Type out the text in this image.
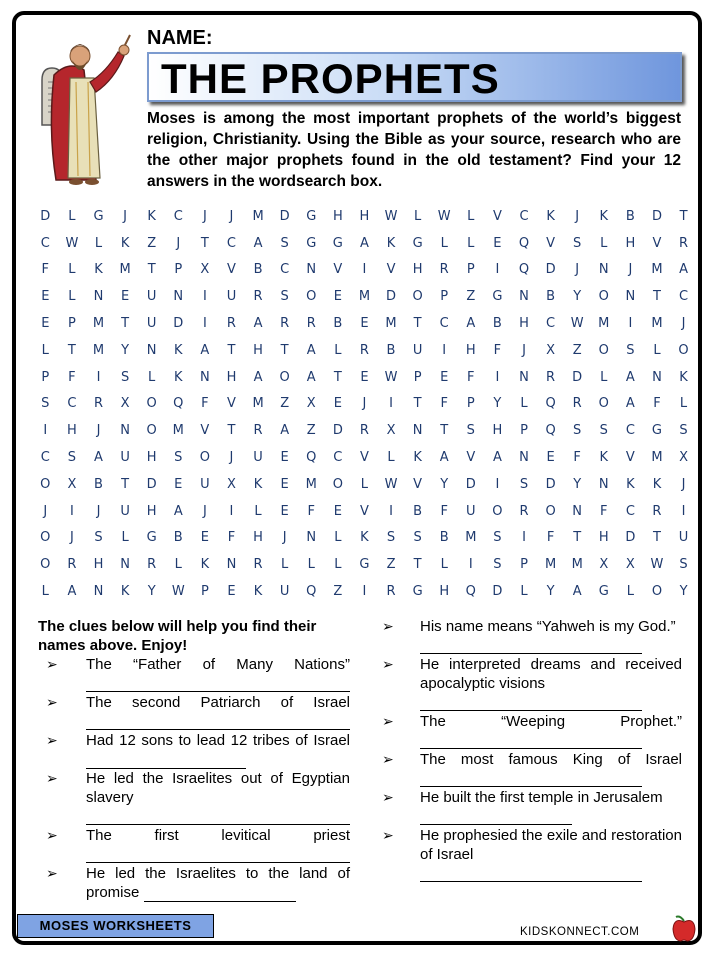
NAME:
THE PROPHETS
Moses is among the most important prophets of the world’s biggest religion, Christianity. Using the Bible as your source, research who are the other major prophets found in the old testament? Find your 12 answers in the wordsearch box.
D	L	G	J	K	C	J	J	M	D	G	H	H	W	L	W	L	V	C	K	J	K	B	D	T
C	W	L	K	Z	J	T	C	A	S	G	G	A	K	G	L	L	E	Q	V	S	L	H	V	R
F	L	K	M	T	P	X	V	B	C	N	V	I	V	H	R	P	I	Q	D	J	N	J	M	A
E	L	N	E	U	N	I	U	R	S	O	E	M	D	O	P	Z	G	N	B	Y	O	N	T	C
E	P	M	T	U	D	I	R	A	R	R	B	E	M	T	C	A	B	H	C	W	M	I	M	J
L	T	M	Y	N	K	A	T	H	T	A	L	R	B	U	I	H	F	J	X	Z	O	S	L	O
P	F	I	S	L	K	N	H	A	O	A	T	E	W	P	E	F	I	N	R	D	L	A	N	K
S	C	R	X	O	Q	F	V	M	Z	X	E	J	I	T	F	P	Y	L	Q	R	O	A	F	L
I	H	J	N	O	M	V	T	R	A	Z	D	R	X	N	T	S	H	P	Q	S	S	C	G	S
C	S	A	U	H	S	O	J	U	E	Q	C	V	L	K	A	V	A	N	E	F	K	V	M	X
O	X	B	T	D	E	U	X	K	E	M	O	L	W	V	Y	D	I	S	D	Y	N	K	K	J
J	I	J	U	H	A	J	I	L	E	F	E	V	I	B	F	U	O	R	O	N	F	C	R	I
O	J	S	L	G	B	E	F	H	J	N	L	K	S	S	B	M	S	I	F	T	H	D	T	U
O	R	H	N	R	L	K	N	R	L	L	L	G	Z	T	L	I	S	P	M	M	X	X	W	S
L	A	N	K	Y	W	P	E	K	U	Q	Z	I	R	G	H	Q	D	L	Y	A	G	L	O	Y
The clues below will help you find their names above. Enjoy!
➢ The “Father of Many Nations”
➢ The second Patriarch of Israel
➢ Had 12 sons to lead 12 tribes of Israel
➢ He led the Israelites out of Egyptian slavery
➢ The first levitical priest
➢ He led the Israelites to the land of promise
➢ His name means “Yahweh is my God.”
➢ He interpreted dreams and received apocalyptic visions
➢ The “Weeping Prophet.”
➢ The most famous King of Israel
➢ He built the first temple in Jerusalem
➢ He prophesied the exile and restoration of Israel
MOSES WORKSHEETS	KIDSKONNECT.COM
